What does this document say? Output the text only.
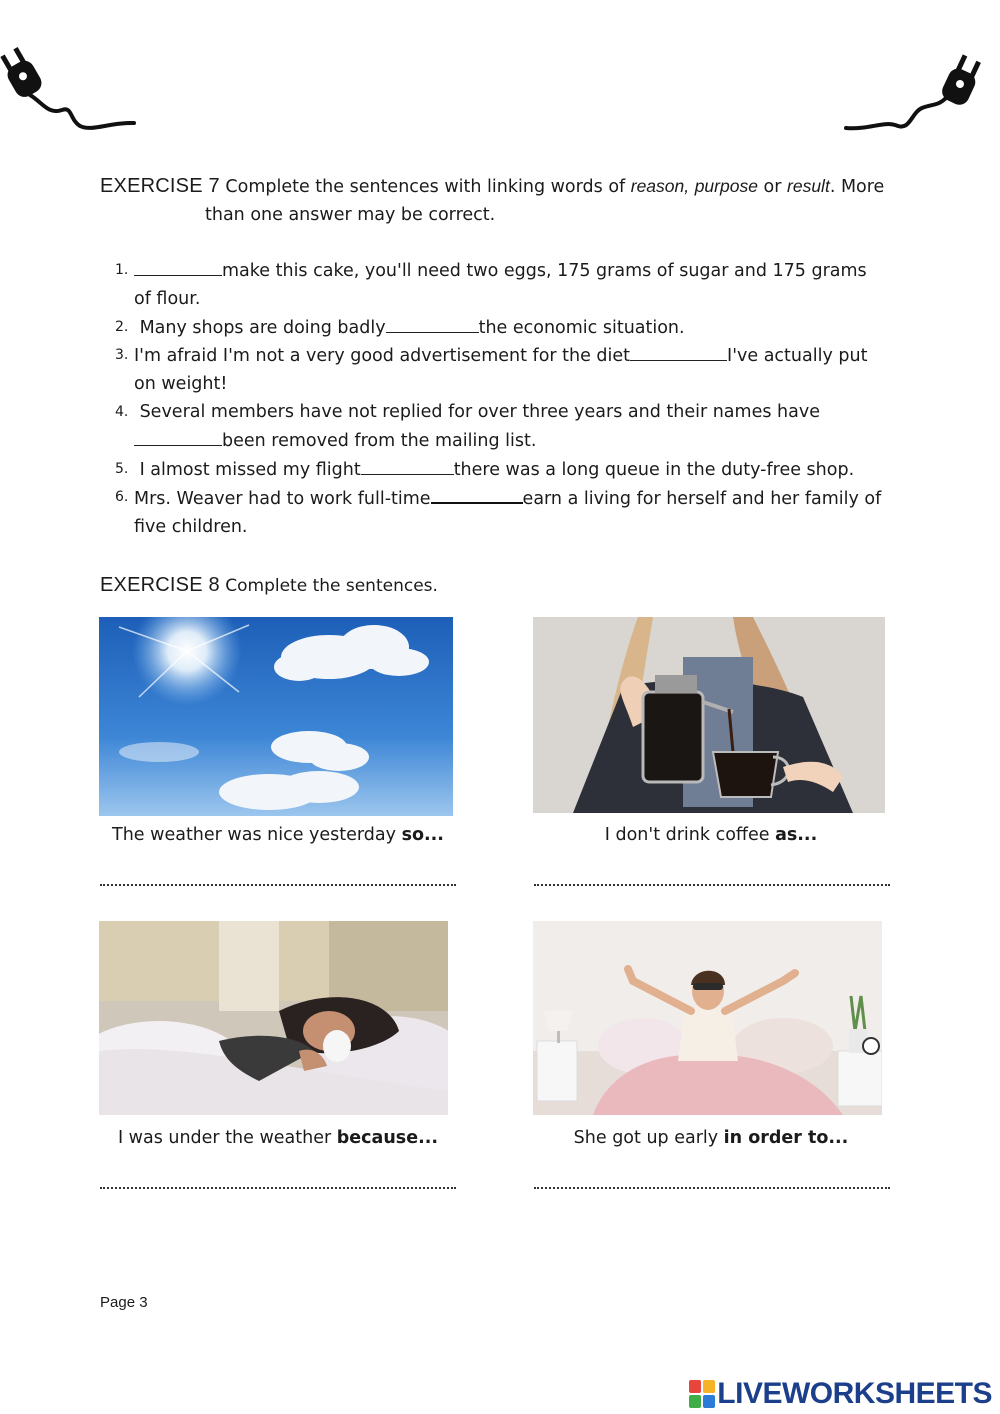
EXERCISE 7 Complete the sentences with linking words of reason, purpose or result. More
than one answer may be correct.
1.	make this cake, you'll need two eggs, 175 grams of sugar and 175 grams of flour.
2. Many shops are doing badly	the economic situation.
3. I'm afraid I'm not a very good advertisement for the diet	I've actually put on weight!
4. Several members have not replied for over three years and their names have been removed from the mailing list.
5. I almost missed my flight	there was a long queue in the duty-free shop.
6. Mrs. Weaver had to work full-time	earn a living for herself and her family of five children.
EXERCISE 8 Complete the sentences.
The weather was nice yesterday so...	I don't drink coffee as...
I was under the weather because...	She got up early in order to...
Page 3
LIVEWORKSHEETS
